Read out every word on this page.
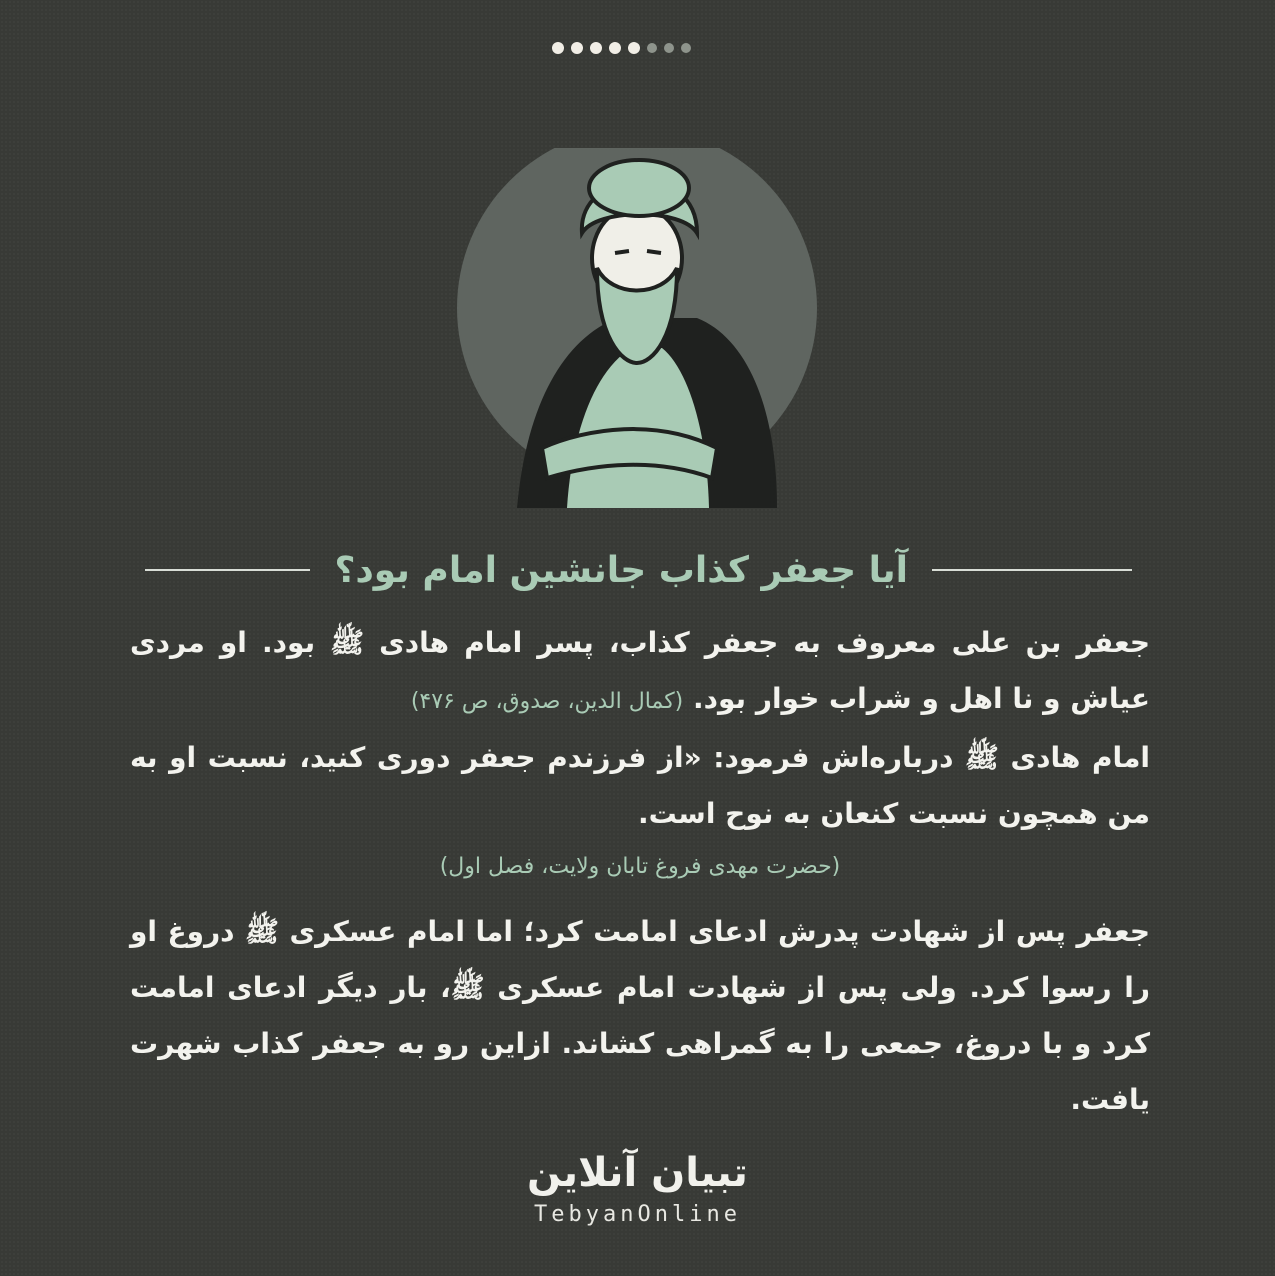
آیا جعفر کذاب جانشین امام بود؟

جعفر بن علی معروف به جعفر کذاب، پسر امام هادی ﷺ بود. او مردی عیاش و نا اهل و شراب خوار بود. (کمال الدین، صدوق، ص ۴۷۶)

امام هادی ﷺ درباره‌اش فرمود: «از فرزندم جعفر دوری کنید، نسبت او به من همچون نسبت کنعان به نوح است.

(حضرت مهدی فروغ تابان ولایت، فصل اول)

جعفر پس از شهادت پدرش ادعای امامت کرد؛ اما امام عسکری ﷺ دروغ او را رسوا کرد. ولی پس از شهادت امام عسکری ﷺ، بار دیگر ادعای امامت کرد و با دروغ، جمعی را به گمراهی کشاند. ازاین رو به جعفر کذاب شهرت یافت.

تبیان آنلاین
TebyanOnline
